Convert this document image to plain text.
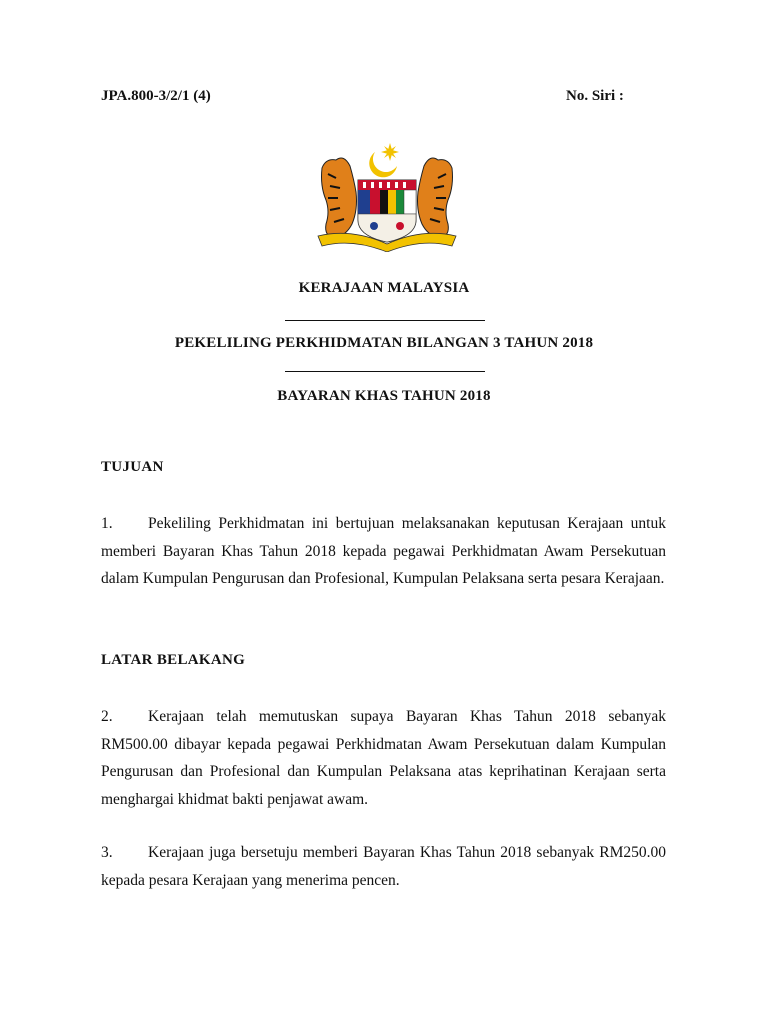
JPA.800-3/2/1 (4)	No. Siri :
KERAJAAN MALAYSIA
PEKELILING PERKHIDMATAN BILANGAN 3 TAHUN 2018
BAYARAN KHAS TAHUN 2018
TUJUAN
1. Pekeliling Perkhidmatan ini bertujuan melaksanakan keputusan Kerajaan untuk memberi Bayaran Khas Tahun 2018 kepada pegawai Perkhidmatan Awam Persekutuan dalam Kumpulan Pengurusan dan Profesional, Kumpulan Pelaksana serta pesara Kerajaan.
LATAR BELAKANG
2. Kerajaan telah memutuskan supaya Bayaran Khas Tahun 2018 sebanyak RM500.00 dibayar kepada pegawai Perkhidmatan Awam Persekutuan dalam Kumpulan Pengurusan dan Profesional dan Kumpulan Pelaksana atas keprihatinan Kerajaan serta menghargai khidmat bakti penjawat awam.
3. Kerajaan juga bersetuju memberi Bayaran Khas Tahun 2018 sebanyak RM250.00 kepada pesara Kerajaan yang menerima pencen.
